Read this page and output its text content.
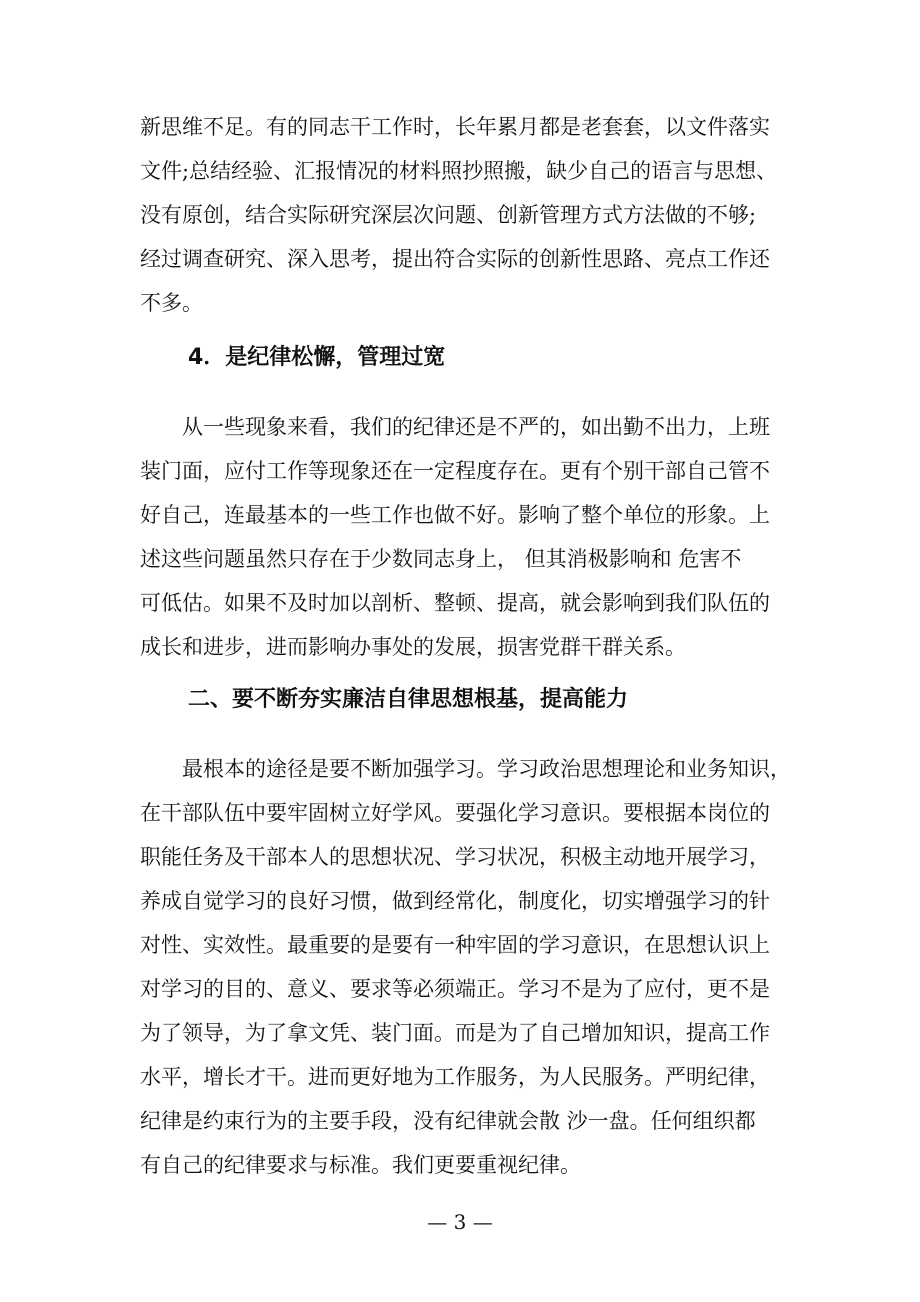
新思维不足。有的同志干工作时，长年累月都是老套套，以文件落实
文件;总结经验、汇报情况的材料照抄照搬，缺少自己的语言与思想、
没有原创，结合实际研究深层次问题、创新管理方式方法做的不够;
经过调查研究、深入思考，提出符合实际的创新性思路、亮点工作还
不多。
4．是纪律松懈，管理过宽
从一些现象来看，我们的纪律还是不严的，如出勤不出力，上班
装门面，应付工作等现象还在一定程度存在。更有个别干部自己管不
好自己，连最基本的一些工作也做不好。影响了整个单位的形象。上
述这些问题虽然只存在于少数同志身上， 但其消极影响和 危害不
可低估。如果不及时加以剖析、整顿、提高，就会影响到我们队伍的
成长和进步，进而影响办事处的发展，损害党群干群关系。
二、要不断夯实廉洁自律思想根基，提高能力
最根本的途径是要不断加强学习。学习政治思想理论和业务知识，
在干部队伍中要牢固树立好学风。要强化学习意识。要根据本岗位的
职能任务及干部本人的思想状况、学习状况，积极主动地开展学习，
养成自觉学习的良好习惯，做到经常化，制度化，切实增强学习的针
对性、实效性。最重要的是要有一种牢固的学习意识，在思想认识上
对学习的目的、意义、要求等必须端正。学习不是为了应付，更不是
为了领导，为了拿文凭、装门面。而是为了自己增加知识，提高工作
水平，增长才干。进而更好地为工作服务，为人民服务。严明纪律，
纪律是约束行为的主要手段，没有纪律就会散 沙一盘。任何组织都
有自己的纪律要求与标准。我们更要重视纪律。
— 3 —
